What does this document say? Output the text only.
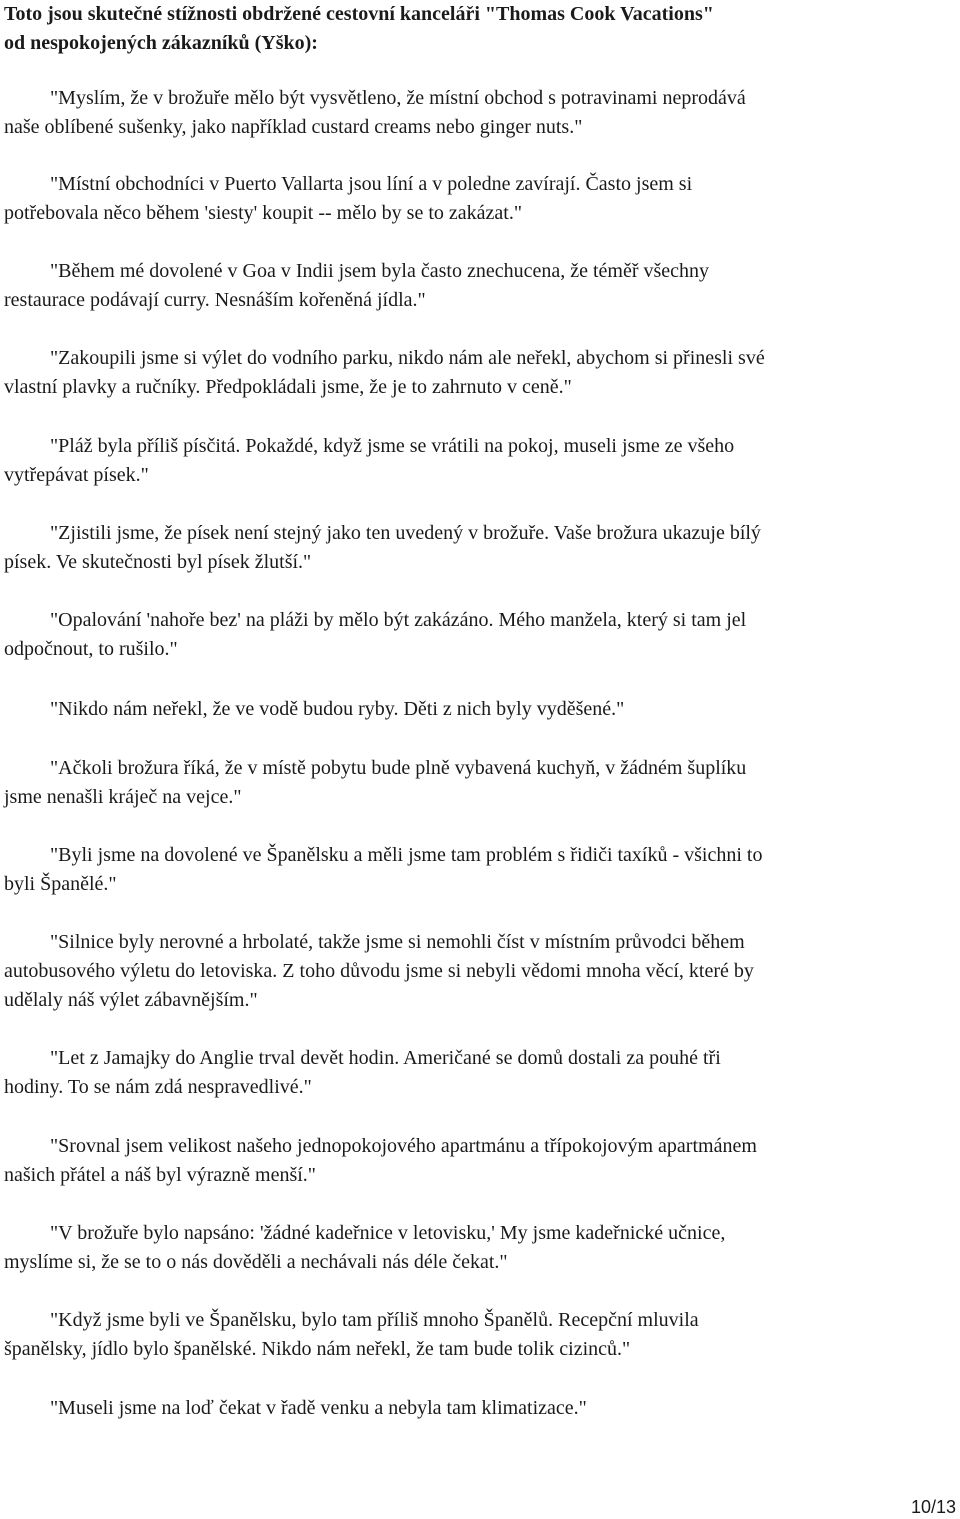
Toto jsou skutečné stížnosti obdržené cestovní kanceláři "Thomas Cook Vacations"
od nespokojených zákazníků (Yško):

"Myslím, že v brožuře mělo být vysvětleno, že místní obchod s potravinami neprodává
naše oblíbené sušenky, jako například custard creams nebo ginger nuts."

"Místní obchodníci v Puerto Vallarta jsou líní a v poledne zavírají. Často jsem si
potřebovala něco během 'siesty' koupit -- mělo by se to zakázat."

"Během mé dovolené v Goa v Indii jsem byla často znechucena, že téměř všechny
restaurace podávají curry. Nesnáším kořeněná jídla."

"Zakoupili jsme si výlet do vodního parku, nikdo nám ale neřekl, abychom si přinesli své
vlastní plavky a ručníky. Předpokládali jsme, že je to zahrnuto v ceně."

"Pláž byla příliš písčitá. Pokaždé, když jsme se vrátili na pokoj, museli jsme ze všeho
vytřepávat písek."

"Zjistili jsme, že písek není stejný jako ten uvedený v brožuře. Vaše brožura ukazuje bílý
písek. Ve skutečnosti byl písek žlutší."

"Opalování 'nahoře bez' na pláži by mělo být zakázáno. Mého manžela, který si tam jel
odpočnout, to rušilo."

"Nikdo nám neřekl, že ve vodě budou ryby. Děti z nich byly vyděšené."

"Ačkoli brožura říká, že v místě pobytu bude plně vybavená kuchyň, v žádném šuplíku
jsme nenašli kráječ na vejce."

"Byli jsme na dovolené ve Španělsku a měli jsme tam problém s řidiči taxíků - všichni to
byli Španělé."

"Silnice byly nerovné a hrbolaté, takže jsme si nemohli číst v místním průvodci během
autobusového výletu do letoviska. Z toho důvodu jsme si nebyli vědomi mnoha věcí, které by
udělaly náš výlet zábavnějším."

"Let z Jamajky do Anglie trval devět hodin. Američané se domů dostali za pouhé tři
hodiny. To se nám zdá nespravedlivé."

"Srovnal jsem velikost našeho jednopokojového apartmánu a třípokojovým apartmánem
našich přátel a náš byl výrazně menší."

"V brožuře bylo napsáno: 'žádné kadeřnice v letovisku,' My jsme kadeřnické učnice,
myslíme si, že se to o nás dověděli a nechávali nás déle čekat."

"Když jsme byli ve Španělsku, bylo tam příliš mnoho Španělů. Recepční mluvila
španělsky, jídlo bylo španělské. Nikdo nám neřekl, že tam bude tolik cizinců."

"Museli jsme na loď čekat v řadě venku a nebyla tam klimatizace."

10/13
